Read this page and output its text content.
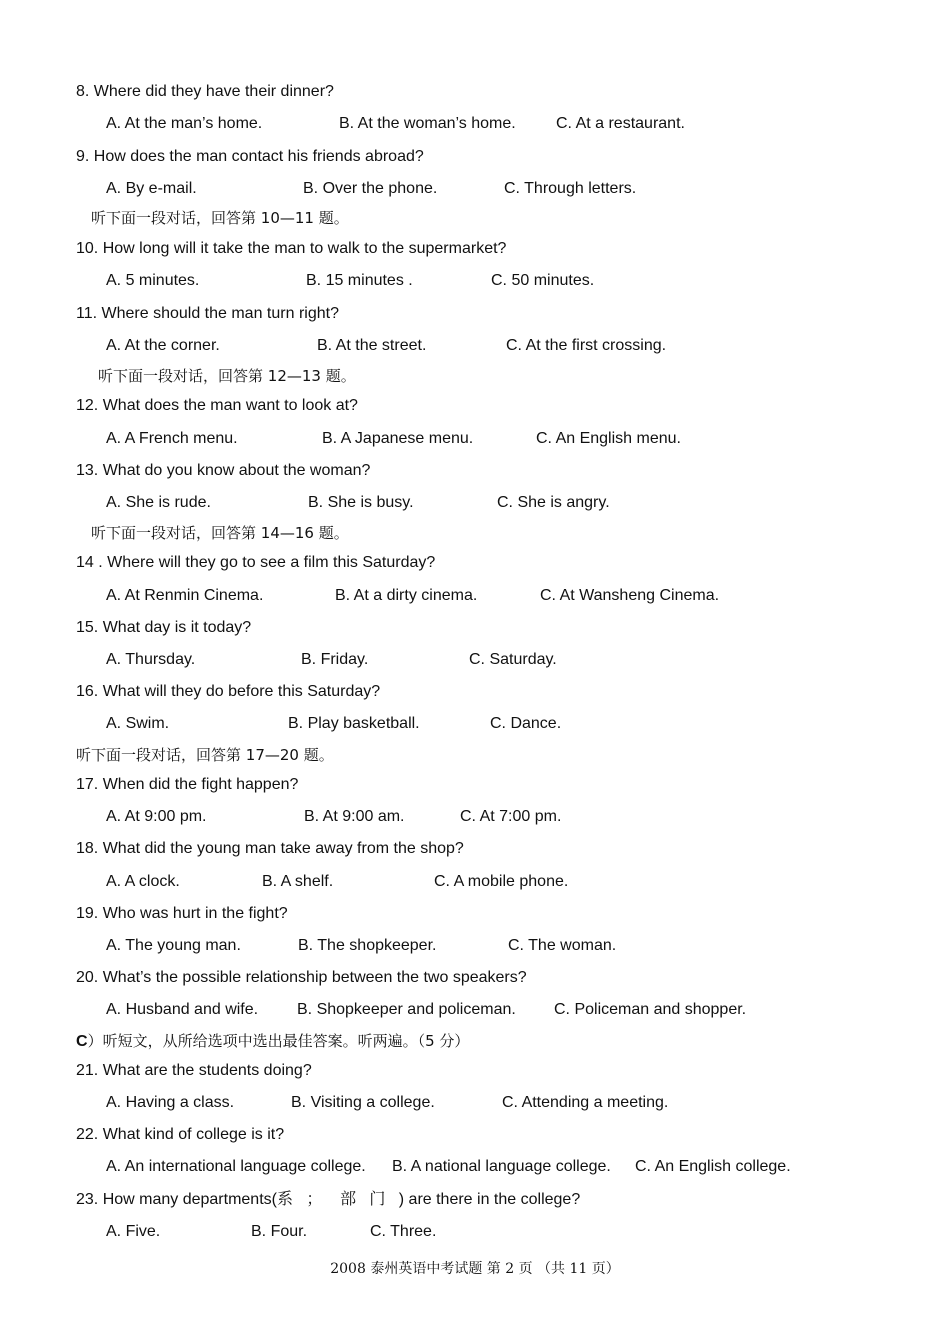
8. Where did they have their dinner?
A. At the man’s home.	B. At the woman’s home.	C. At a restaurant.
9. How does the man contact his friends abroad?
A. By e-mail.	B. Over the phone.	C. Through letters.
听下面一段对话，回答第 10—11 题。
10. How long will it take the man to walk to the supermarket?
A. 5 minutes.	B. 15 minutes .	C. 50 minutes.
11. Where should the man turn right?
A. At the corner.	B. At the street.	C. At the first crossing.
听下面一段对话，回答第 12—13 题。
12. What does the man want to look at?
A. A French menu.	B. A Japanese menu.	C. An English menu.
13. What do you know about the woman?
A. She is rude.	B. She is busy.	C. She is angry.
听下面一段对话，回答第 14—16 题。
14 . Where will they go to see a film this Saturday?
A. At Renmin Cinema.	B. At a dirty cinema.	C. At Wansheng Cinema.
15. What day is it today?
A. Thursday.	B. Friday.	C. Saturday.
16. What will they do before this Saturday?
A. Swim.	B. Play basketball.	C. Dance.
听下面一段对话，回答第 17—20 题。
17. When did the fight happen?
A. At 9:00 pm.	B. At 9:00 am.	C. At 7:00 pm.
18. What did the young man take away from the shop?
A. A clock.	B. A shelf.	C. A mobile phone.
19. Who was hurt in the fight?
A. The young man.	B. The shopkeeper.	C. The woman.
20. What’s the possible relationship between the two speakers?
A. Husband and wife. B. Shopkeeper and policeman. C. Policeman and shopper.
C）听短文，从所给选项中选出最佳答案。听两遍。（5 分）
21. What are the students doing?
A. Having a class.	B. Visiting a college.	C. Attending a meeting.
22. What kind of college is it?
A. An international language college. B. A national language college. C. An English college.
23. How many departments(系   ；    部   门   ) are there in the college?
A. Five.	B. Four.	C. Three.
2008 泰州英语中考试题 第 2 页 （共 11 页）
